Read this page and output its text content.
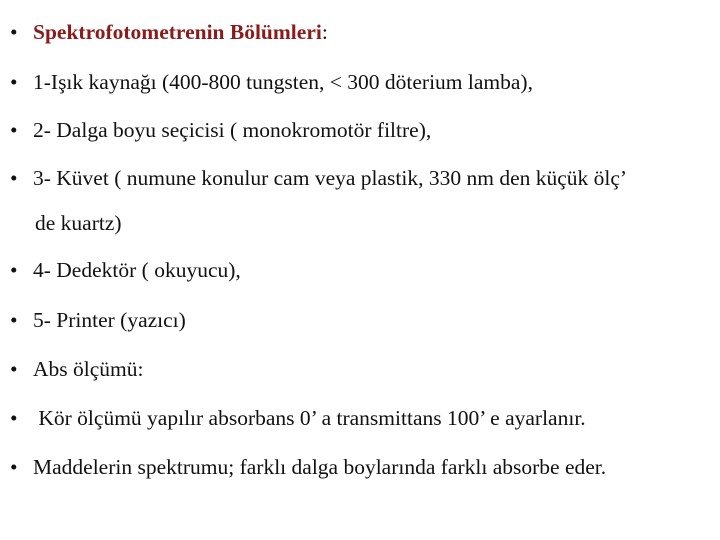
• Spektrofotometrenin Bölümleri:
• 1-Işık kaynağı (400-800 tungsten, < 300 döterium lamba),
• 2- Dalga boyu seçicisi ( monokromotör filtre),
• 3- Küvet ( numune konulur cam veya plastik, 330 nm den küçük ölç’
de kuartz)
• 4- Dedektör ( okuyucu),
• 5- Printer (yazıcı)
• Abs ölçümü:
• Kör ölçümü yapılır absorbans 0’ a transmittans 100’ e ayarlanır.
• Maddelerin spektrumu; farklı dalga boylarında farklı absorbe eder.
